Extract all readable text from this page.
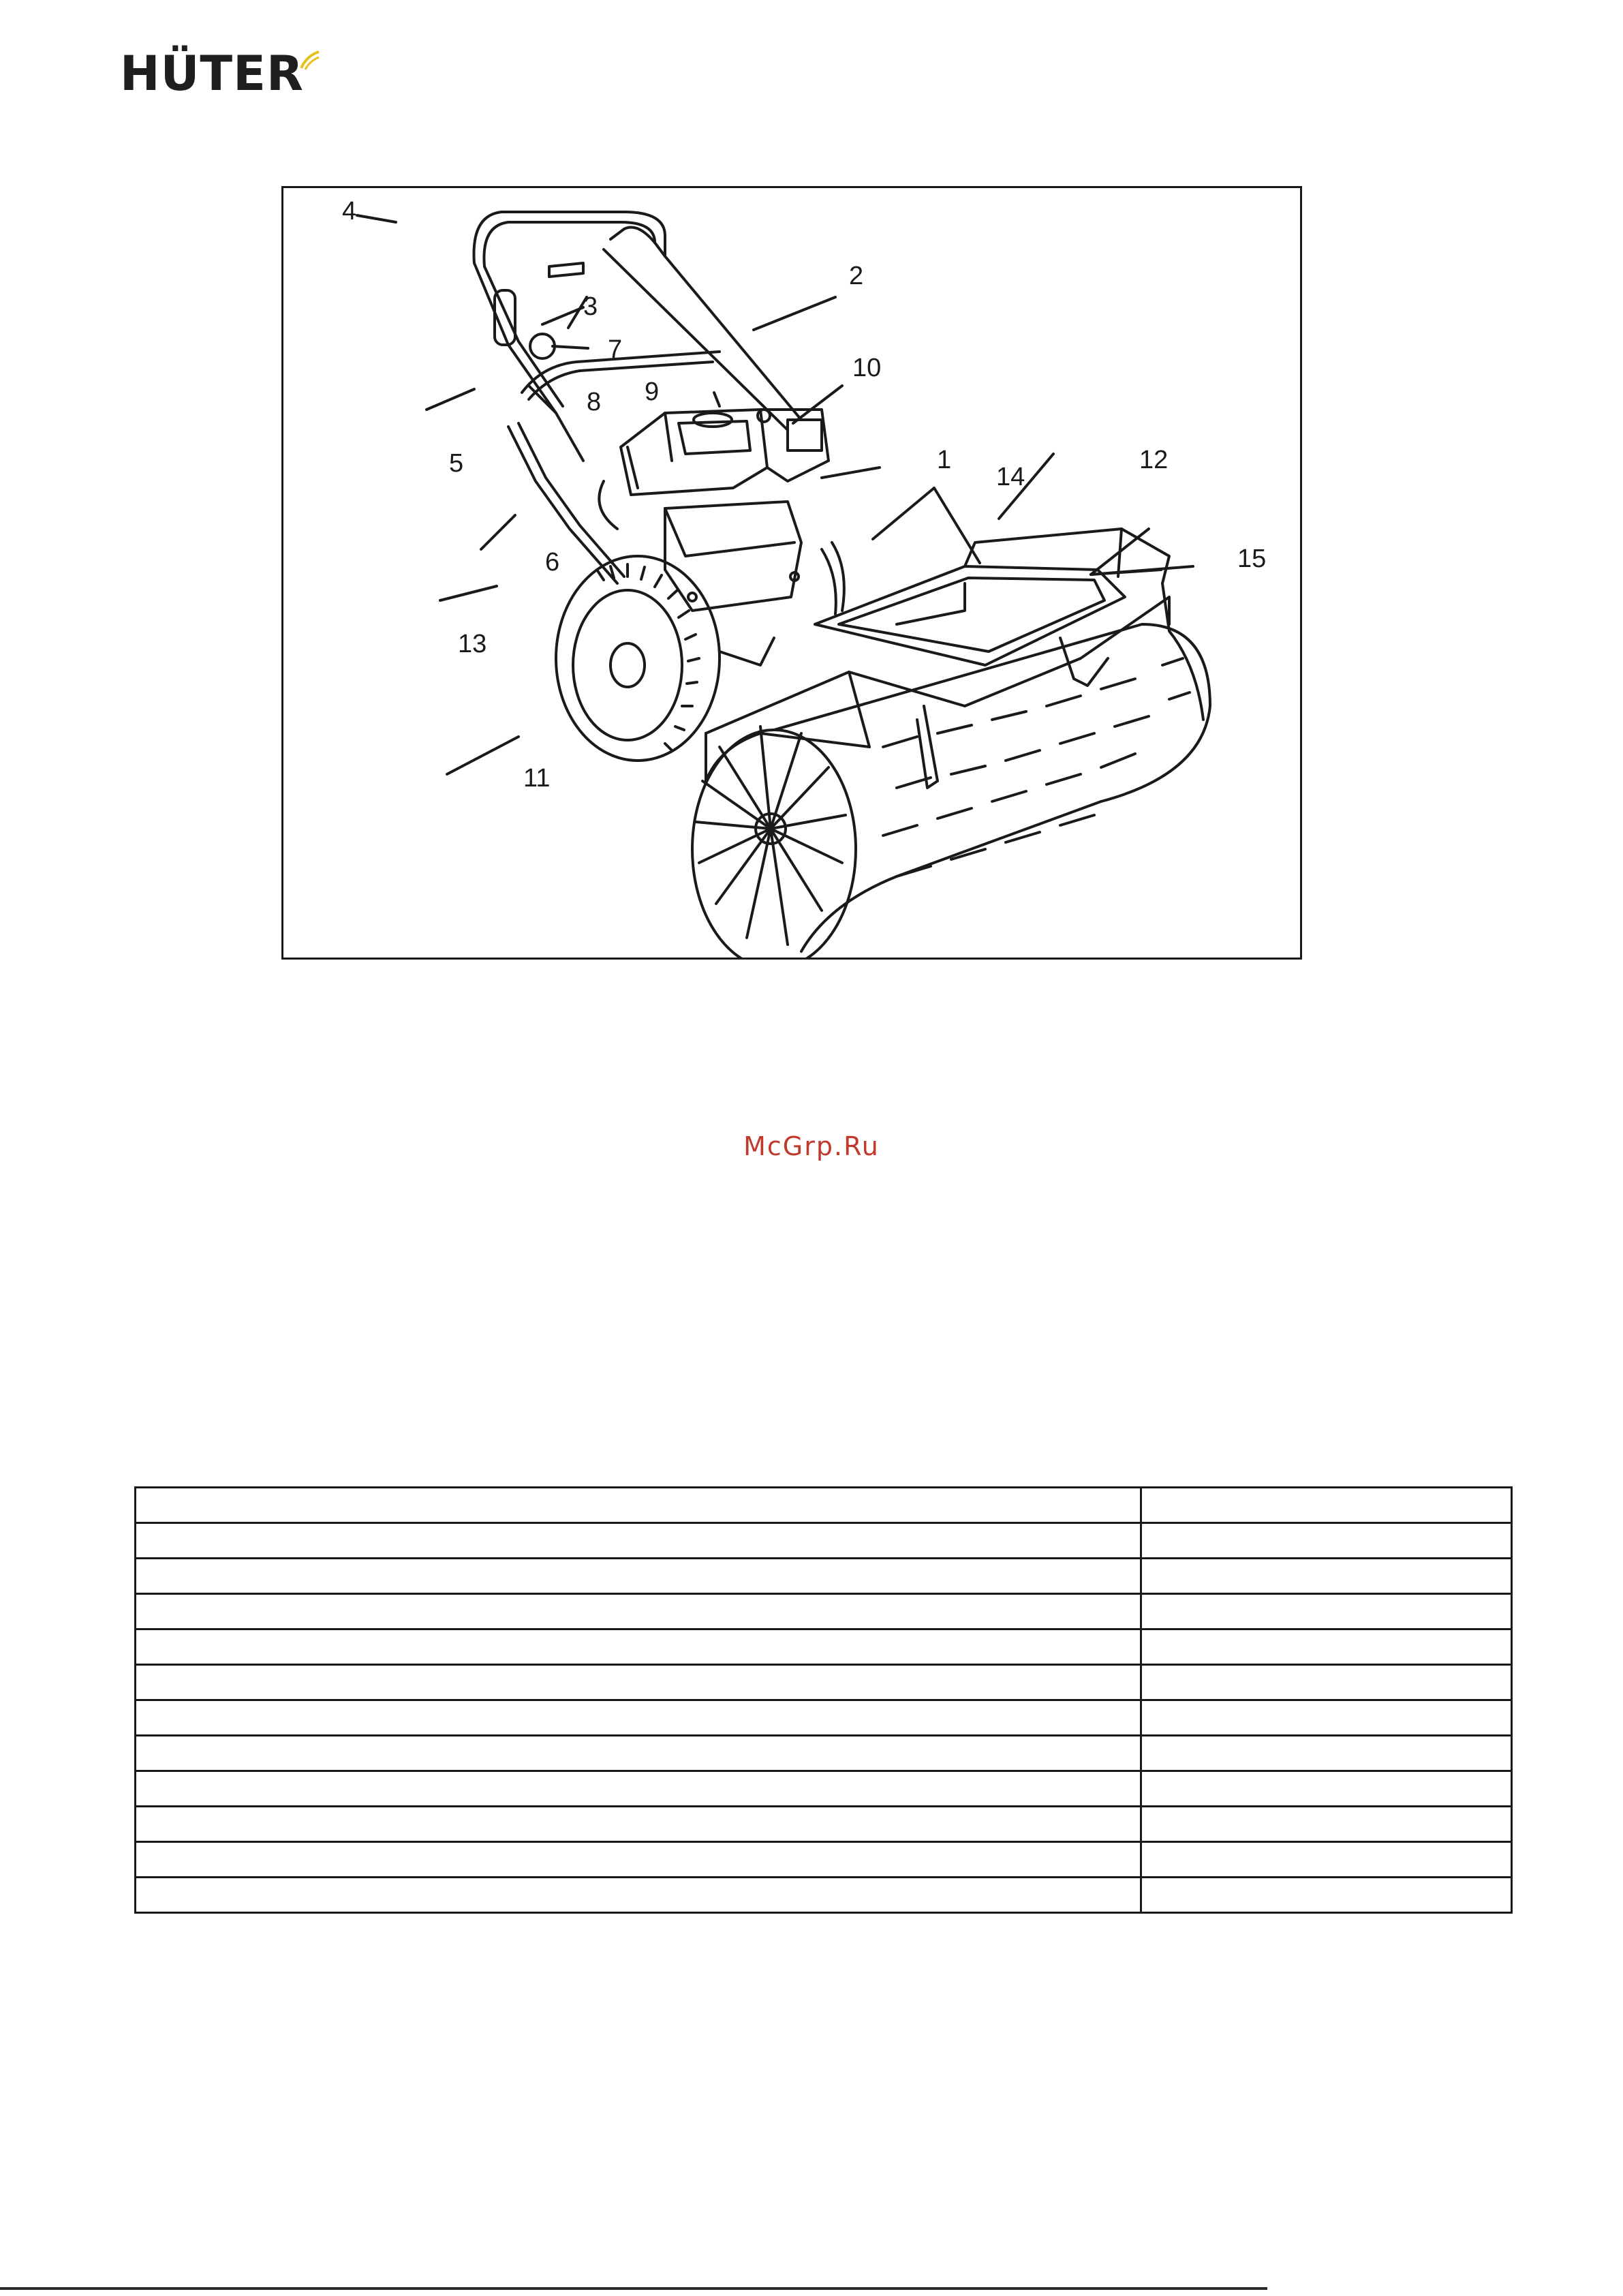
HÜTER
4
2
3
7
10
8 9
5	1
14
12
15
6
13
11
McGrp.Ru
